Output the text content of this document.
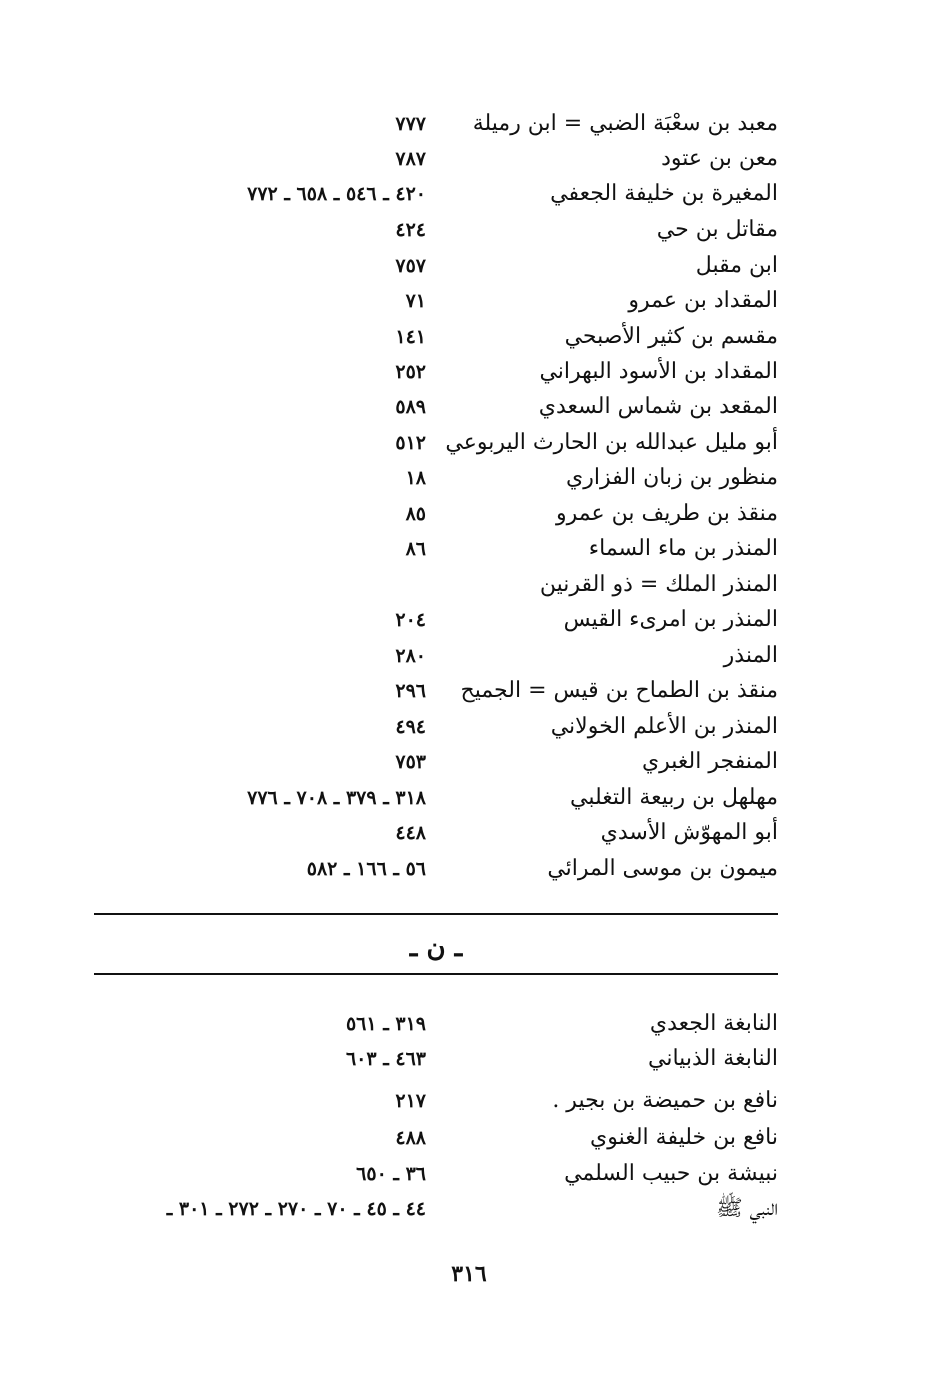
معبد بن سعْبَة الضبي = ابن رميلة
٧٧٧
معن بن عتود
٧٨٧
المغيرة بن خليفة الجعفي
٤٢٠ ـ ٥٤٦ ـ ٦٥٨ ـ ٧٧٢
مقاتل بن حي
٤٢٤
ابن مقبل
٧٥٧
المقداد بن عمرو
٧١
مقسم بن كثير الأصبحي
١٤١
المقداد بن الأسود البهراني
٢٥٢
المقعد بن شماس السعدي
٥٨٩
أبو مليل عبدالله بن الحارث اليربوعي
٥١٢
منظور بن زبان الفزاري
١٨
منقذ بن طريف بن عمرو
٨٥
المنذر بن ماء السماء
٨٦
المنذر الملك = ذو القرنين
المنذر بن امرىء القيس
٢٠٤
المنذر
٢٨٠
منقذ بن الطماح بن قيس = الجميح
٢٩٦
المنذر بن الأعلم الخولاني
٤٩٤
المنفجر الغبري
٧٥٣
مهلهل بن ربيعة التغلبي
٣١٨ ـ ٣٧٩ ـ ٧٠٨ ـ ٧٧٦
أبو المهوّش الأسدي
٤٤٨
ميمون بن موسى المرائي
٥٦ ـ ١٦٦ ـ ٥٨٢
ـ ن ـ
النابغة الجعدي
٣١٩ ـ ٥٦١
النابغة الذبياني
٤٦٣ ـ ٦٠٣
نافع بن حميضة بن بجير .
٢١٧
نافع بن خليفة الغنوي
٤٨٨
نبيشة بن حبيب السلمي
٣٦ ـ ٦٥٠
النبي ﷺ
٤٤ ـ ٤٥ ـ ٧٠ ـ ٢٧٠ ـ ٢٧٢ ـ ٣٠١ ـ
٣١٦
